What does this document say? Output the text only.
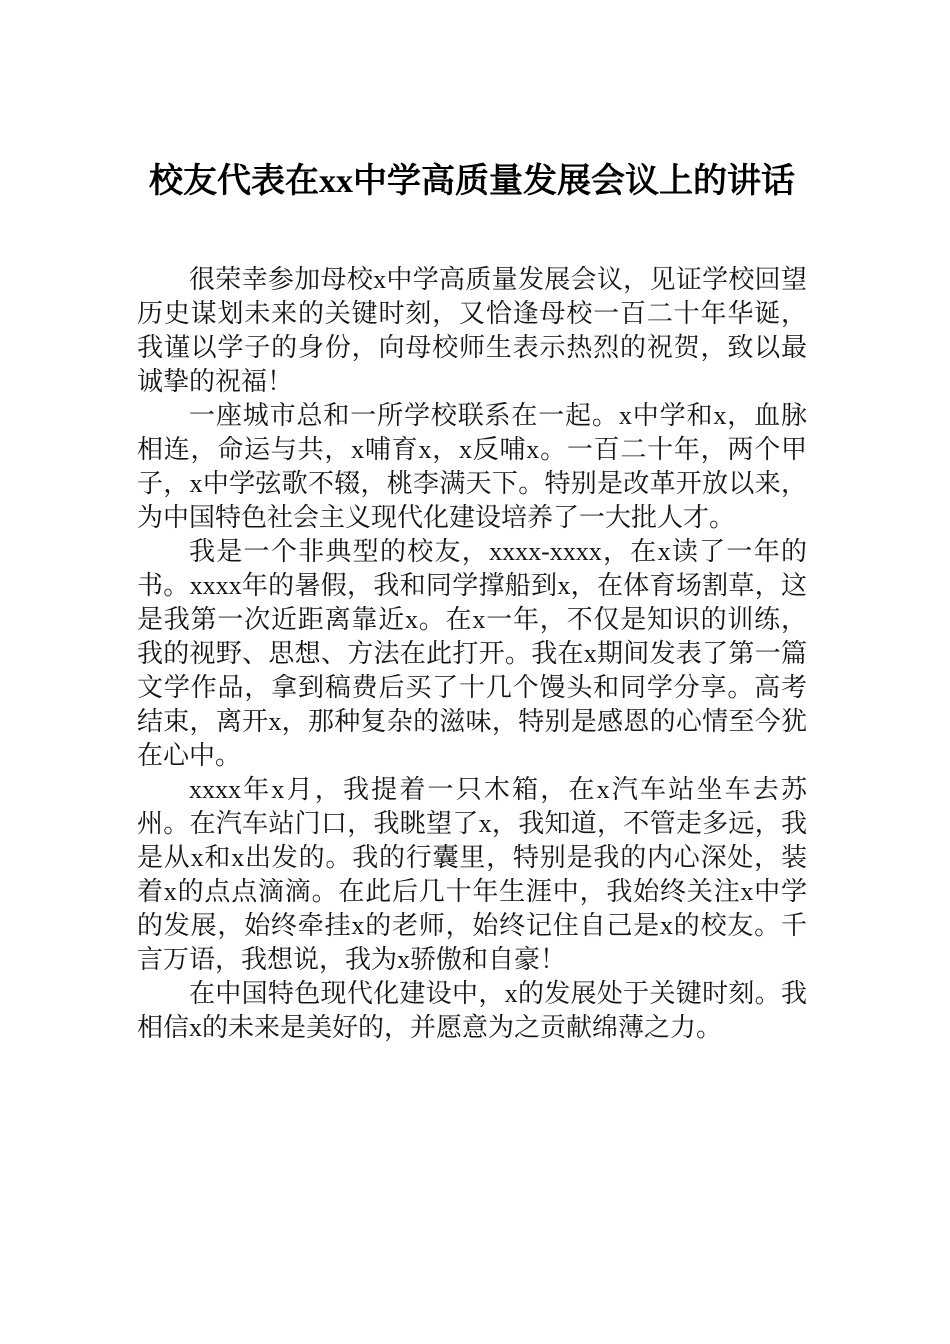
校友代表在xx中学高质量发展会议上的讲话

很荣幸参加母校x中学高质量发展会议，见证学校回望历史谋划未来的关键时刻，又恰逢母校一百二十年华诞，我谨以学子的身份，向母校师生表示热烈的祝贺，致以最诚挚的祝福！

一座城市总和一所学校联系在一起。x中学和x，血脉相连，命运与共，x哺育x，x反哺x。一百二十年，两个甲子，x中学弦歌不辍，桃李满天下。特别是改革开放以来，为中国特色社会主义现代化建设培养了一大批人才。

我是一个非典型的校友，xxxx-xxxx，在x读了一年的书。xxxx年的暑假，我和同学撑船到x，在体育场割草，这是我第一次近距离靠近x。在x一年，不仅是知识的训练，我的视野、思想、方法在此打开。我在x期间发表了第一篇文学作品，拿到稿费后买了十几个馒头和同学分享。高考结束，离开x，那种复杂的滋味，特别是感恩的心情至今犹在心中。

xxxx年x月，我提着一只木箱，在x汽车站坐车去苏州。在汽车站门口，我眺望了x，我知道，不管走多远，我是从x和x出发的。我的行囊里，特别是我的内心深处，装着x的点点滴滴。在此后几十年生涯中，我始终关注x中学的发展，始终牵挂x的老师，始终记住自己是x的校友。千言万语，我想说，我为x骄傲和自豪！

在中国特色现代化建设中，x的发展处于关键时刻。我相信x的未来是美好的，并愿意为之贡献绵薄之力。
